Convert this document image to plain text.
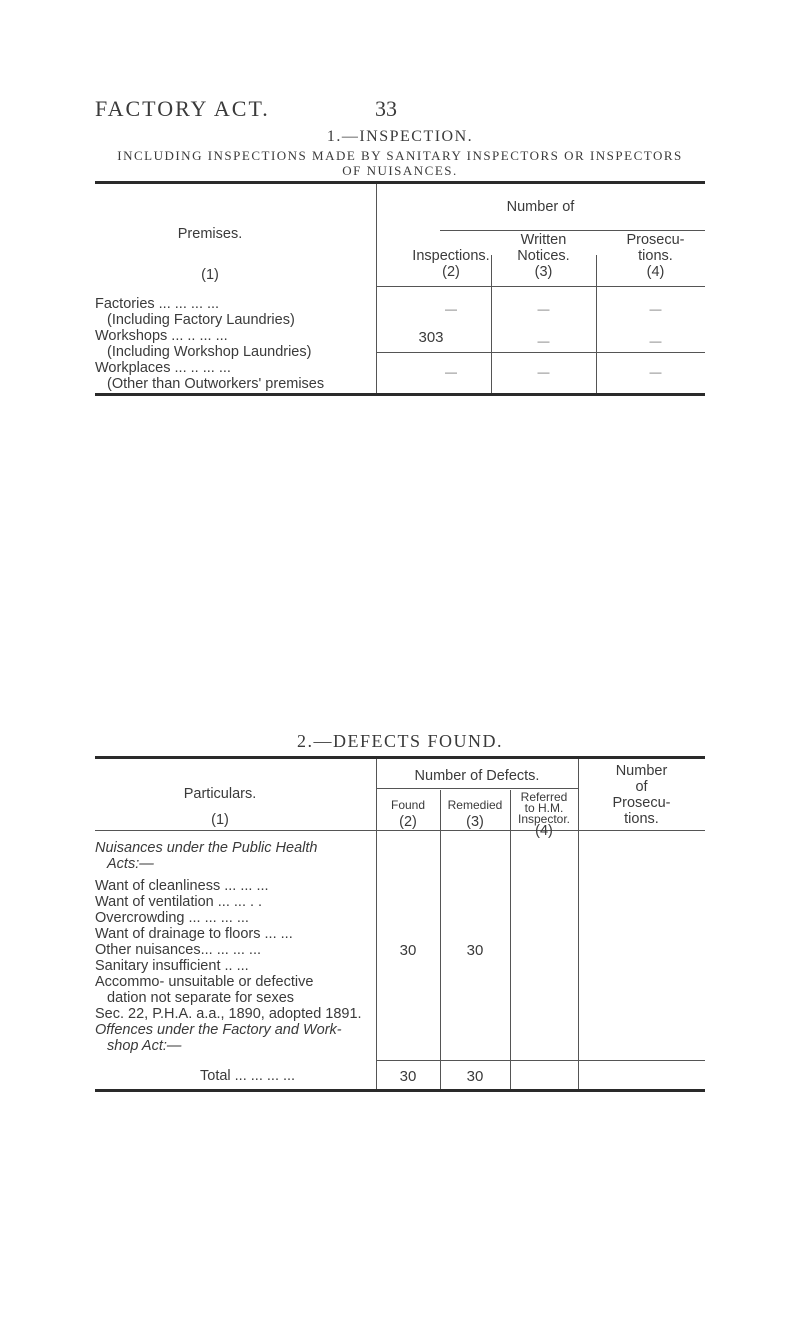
FACTORY ACT.	33
1.—INSPECTION.
INCLUDING INSPECTIONS MADE BY SANITARY INSPECTORS OR INSPECTORS
OF NUISANCES.
Premises.
(1)
Number of
Inspections.
(2)
Written
Notices.
(3)
Prosecu-
tions.
(4)
Factories ... ... ... ...
(Including Factory Laundries)
—	—	—
Workshops ... .. ... ...
(Including Workshop Laundries)
303	—	—
Workplaces ... .. ... ...
(Other than Outworkers' premises
—	—	—
2.—DEFECTS FOUND.
Particulars.
(1)
Number of Defects.
Found
(2)
Remedied
(3)
Referred
to H.M.
Inspector.
(4)
Number
of
Prosecu-
tions.
Nuisances under the Public Health
Acts:—
Want of cleanliness ... ... ...
Want of ventilation ... ... . .
Overcrowding ... ... ... ...
Want of drainage to floors ... ...
Other nuisances... ... ... ...
Sanitary insufficient .. ...
Accommo- unsuitable or defective
dation not separate for sexes
Sec. 22, P.H.A. a.a., 1890, adopted 1891.
Offences under the Factory and Work-
shop Act:—
30	30
Total ... ... ... ...	30	30
